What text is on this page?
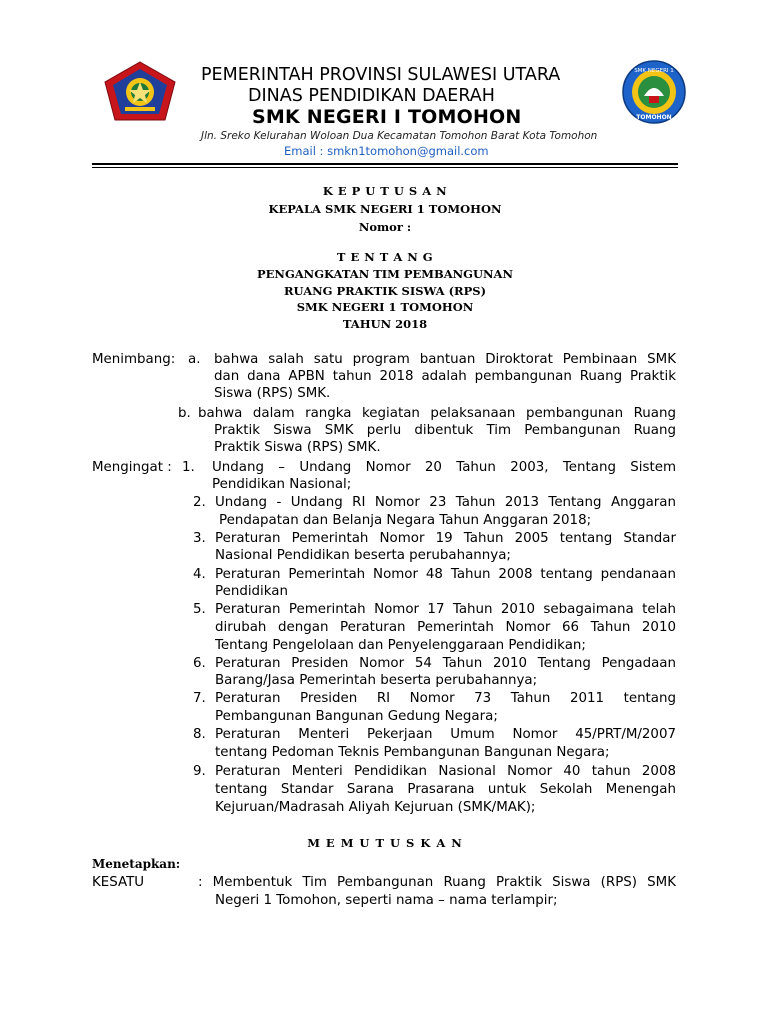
SMK NEGERI 1
TOMOHON
PEMERINTAH PROVINSI SULAWESI UTARA
DINAS PENDIDIKAN DAERAH
SMK NEGERI I TOMOHON
Jln. Sreko Kelurahan Woloan Dua Kecamatan Tomohon Barat Kota Tomohon
Email : smkn1tomohon@gmail.com
K E P U T U S A N
KEPALA SMK NEGERI 1 TOMOHON
Nomor :
T E N T A N G
PENGANGKATAN TIM PEMBANGUNAN
RUANG PRAKTIK SISWA (RPS)
SMK NEGERI 1 TOMOHON
TAHUN 2018
Menimbang: a. bahwa salah satu program bantuan Diroktorat Pembinaan SMK
dan dana APBN tahun 2018 adalah pembangunan Ruang Praktik
Siswa (RPS) SMK.
b. bahwa dalam rangka kegiatan pelaksanaan pembangunan Ruang
Praktik Siswa SMK perlu dibentuk Tim Pembangunan Ruang
Praktik Siswa (RPS) SMK.
Mengingat : 1. Undang – Undang Nomor 20 Tahun 2003, Tentang Sistem
Pendidikan Nasional;
2. Undang - Undang RI Nomor 23 Tahun 2013 Tentang Anggaran
Pendapatan dan Belanja Negara Tahun Anggaran 2018;
3. Peraturan Pemerintah Nomor 19 Tahun 2005 tentang Standar
Nasional Pendidikan beserta perubahannya;
4. Peraturan Pemerintah Nomor 48 Tahun 2008 tentang pendanaan
Pendidikan
5. Peraturan Pemerintah Nomor 17 Tahun 2010 sebagaimana telah
dirubah dengan Peraturan Pemerintah Nomor 66 Tahun 2010
Tentang Pengelolaan dan Penyelenggaraan Pendidikan;
6. Peraturan Presiden Nomor 54 Tahun 2010 Tentang Pengadaan
Barang/Jasa Pemerintah beserta perubahannya;
7. Peraturan Presiden RI Nomor 73 Tahun 2011 tentang
Pembangunan Bangunan Gedung Negara;
8. Peraturan Menteri Pekerjaan Umum Nomor 45/PRT/M/2007
tentang Pedoman Teknis Pembangunan Bangunan Negara;
9. Peraturan Menteri Pendidikan Nasional Nomor 40 tahun 2008
tentang Standar Sarana Prasarana untuk Sekolah Menengah
Kejuruan/Madrasah Aliyah Kejuruan (SMK/MAK);
M E M U T U S K A N
Menetapkan:
KESATU	: Membentuk Tim Pembangunan Ruang Praktik Siswa (RPS) SMK
Negeri 1 Tomohon, seperti nama – nama terlampir;
